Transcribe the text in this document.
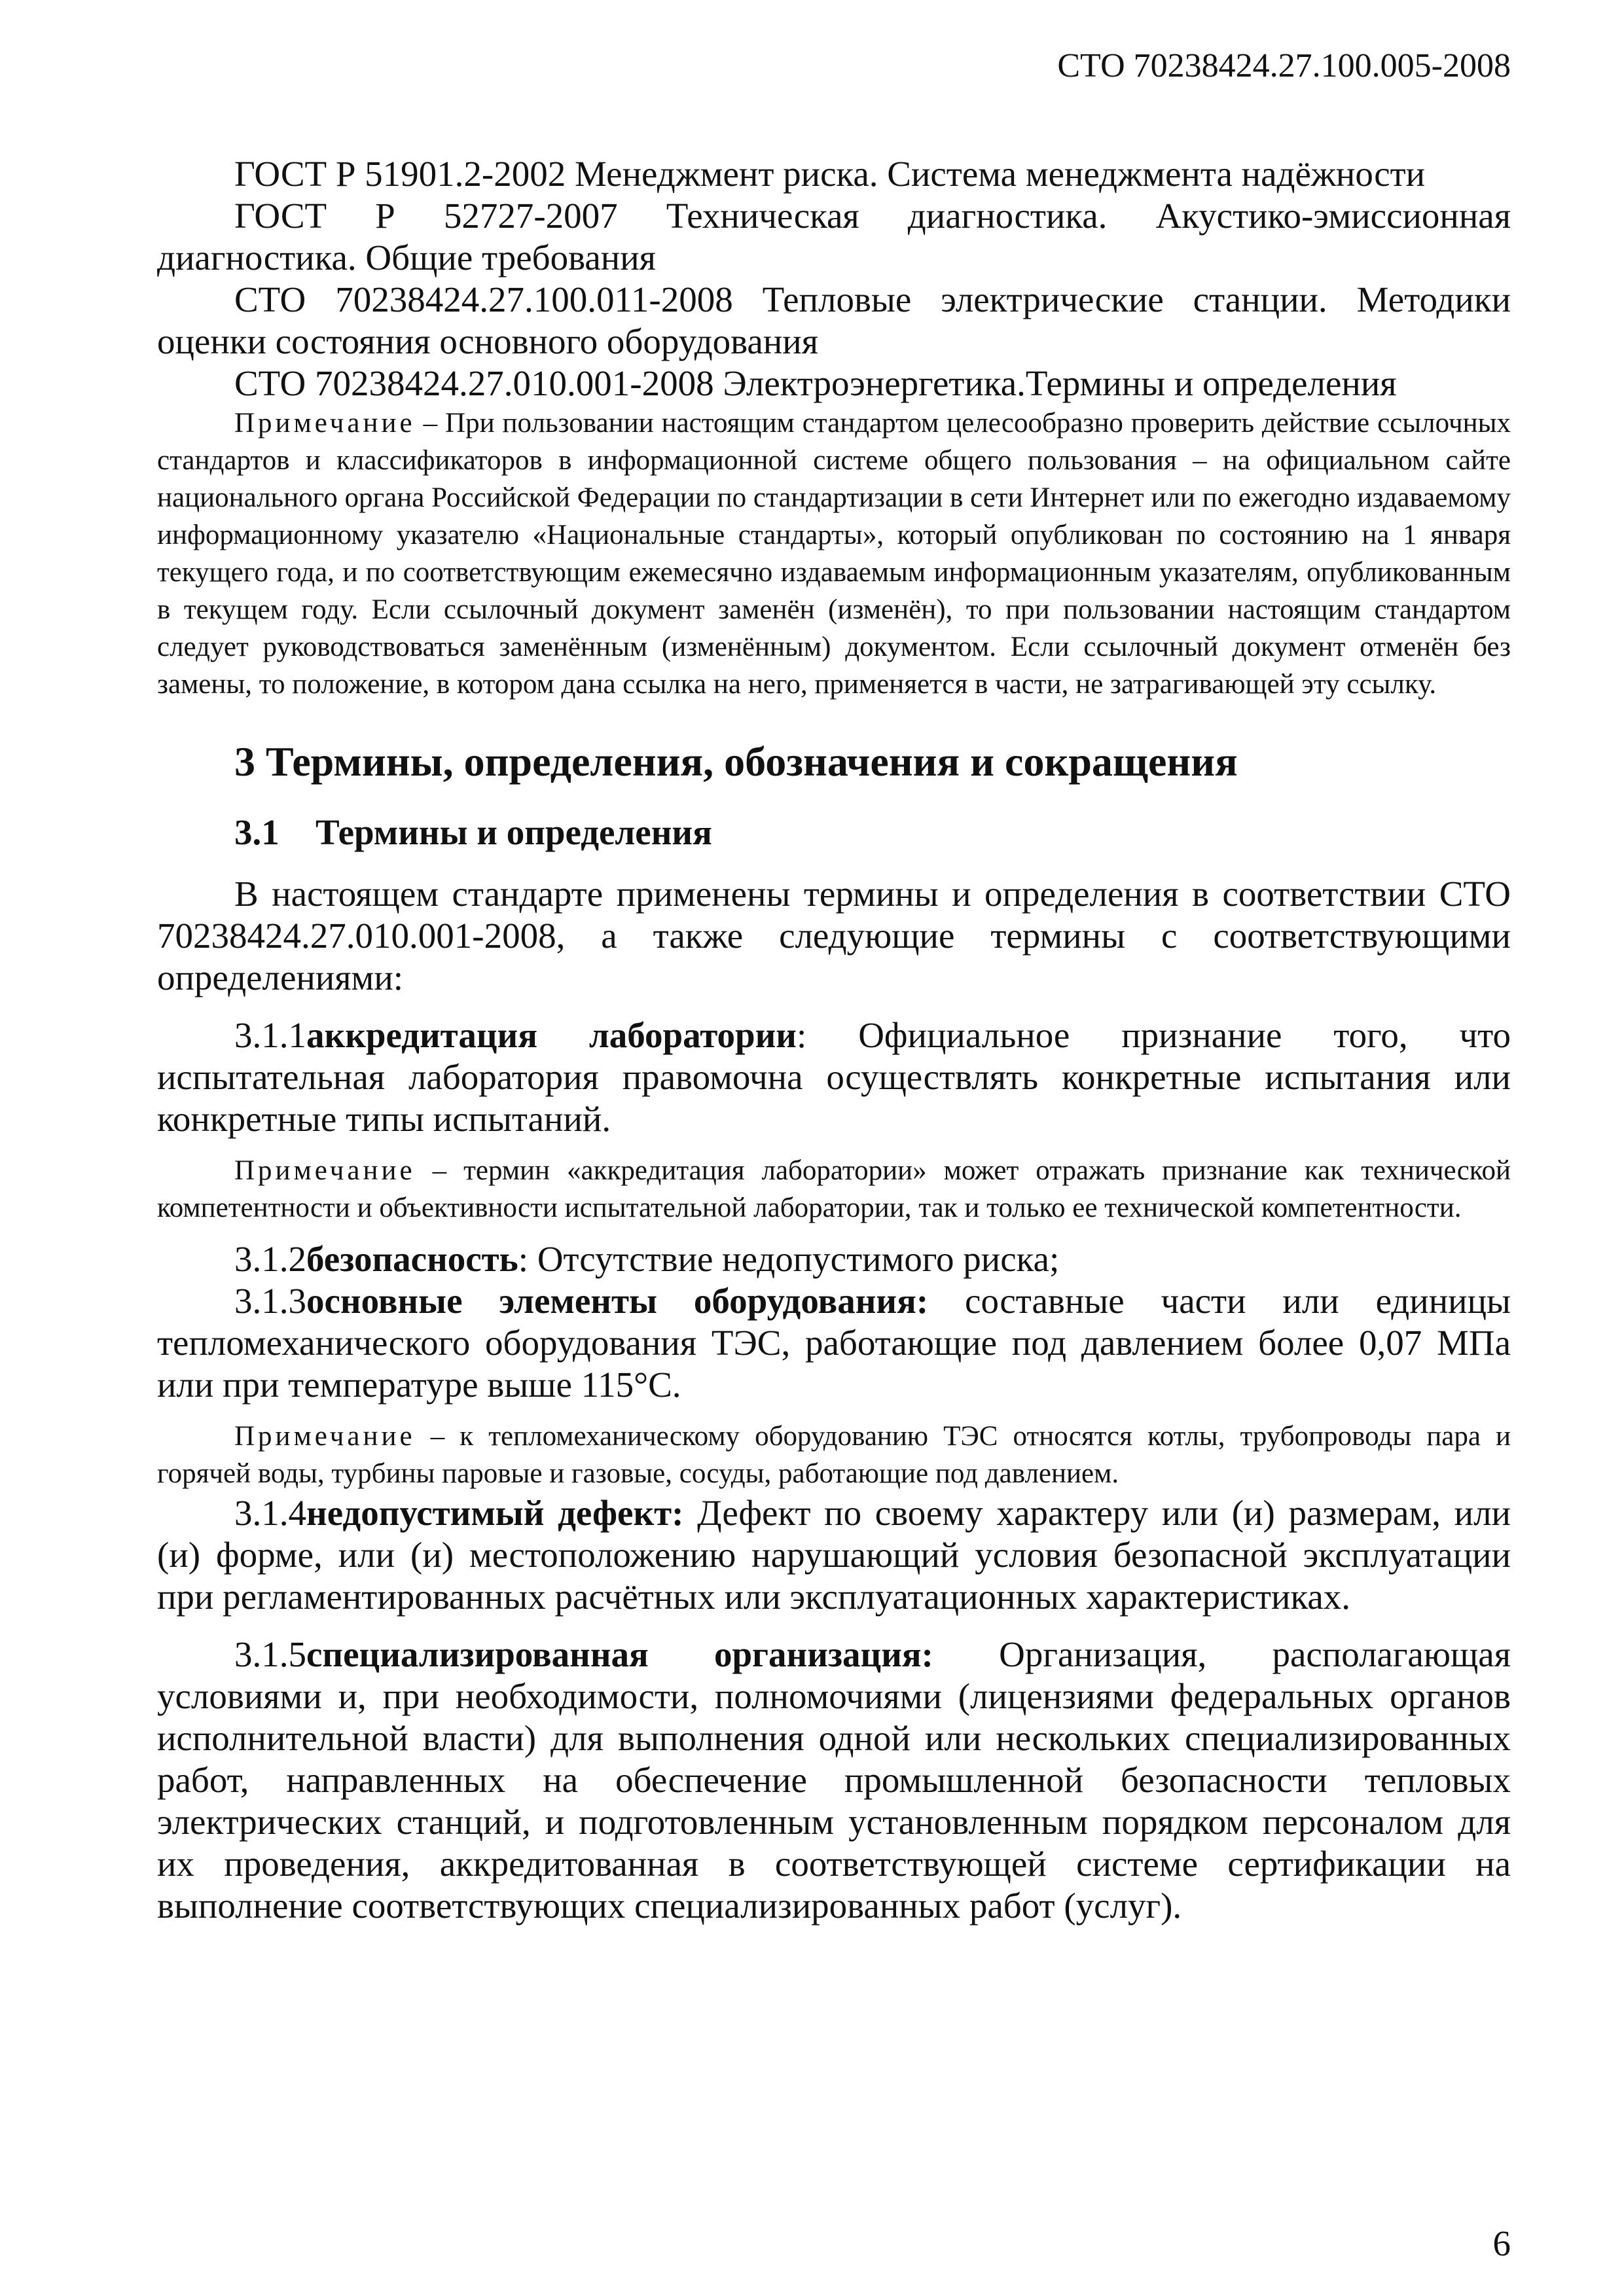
СТО 70238424.27.100.005-2008

ГОСТ Р 51901.2-2002 Менеджмент риска. Система менеджмента надёжности

ГОСТ Р 52727-2007 Техническая диагностика. Акустико-эмиссионная диагностика. Общие требования

СТО 70238424.27.100.011-2008 Тепловые электрические станции. Методики оценки состояния основного оборудования

СТО 70238424.27.010.001-2008 Электроэнергетика.Термины и определения

Примечание – При пользовании настоящим стандартом целесообразно проверить действие ссылочных стандартов и классификаторов в информационной системе общего пользования – на официальном сайте национального органа Российской Федерации по стандартизации в сети Интернет или по ежегодно издаваемому информационному указателю «Национальные стандарты», который опубликован по состоянию на 1 января текущего года, и по соответствующим ежемесячно издаваемым информационным указателям, опубликованным в текущем году. Если ссылочный документ заменён (изменён), то при пользовании настоящим стандартом следует руководствоваться заменённым (изменённым) документом. Если ссылочный документ отменён без замены, то положение, в котором дана ссылка на него, применяется в части, не затрагивающей эту ссылку.

3 Термины, определения, обозначения и сокращения
3.1 Термины и определения

В настоящем стандарте применены термины и определения в соответствии СТО 70238424.27.010.001-2008, а также следующие термины с соответствующими определениями:

3.1.1аккредитация лаборатории: Официальное признание того, что испытательная лаборатория правомочна осуществлять конкретные испытания или конкретные типы испытаний.

Примечание – термин «аккредитация лаборатории» может отражать признание как технической компетентности и объективности испытательной лаборатории, так и только ее технической компетентности.

3.1.2безопасность: Отсутствие недопустимого риска;

3.1.3основные элементы оборудования: составные части или единицы тепломеханического оборудования ТЭС, работающие под давлением более 0,07 МПа или при температуре выше 115°С.

Примечание – к тепломеханическому оборудованию ТЭС относятся котлы, трубопроводы пара и горячей воды, турбины паровые и газовые, сосуды, работающие под давлением.

3.1.4недопустимый дефект: Дефект по своему характеру или (и) размерам, или (и) форме, или (и) местоположению нарушающий условия безопасной эксплуатации при регламентированных расчётных или эксплуатационных характеристиках.

3.1.5специализированная организация: Организация, располагающая условиями и, при необходимости, полномочиями (лицензиями федеральных органов исполнительной власти) для выполнения одной или нескольких специализированных работ, направленных на обеспечение промышленной безопасности тепловых электрических станций, и подготовленным установленным порядком персоналом для их проведения, аккредитованная в соответствующей системе сертификации на выполнение соответствующих специализированных работ (услуг).

6
